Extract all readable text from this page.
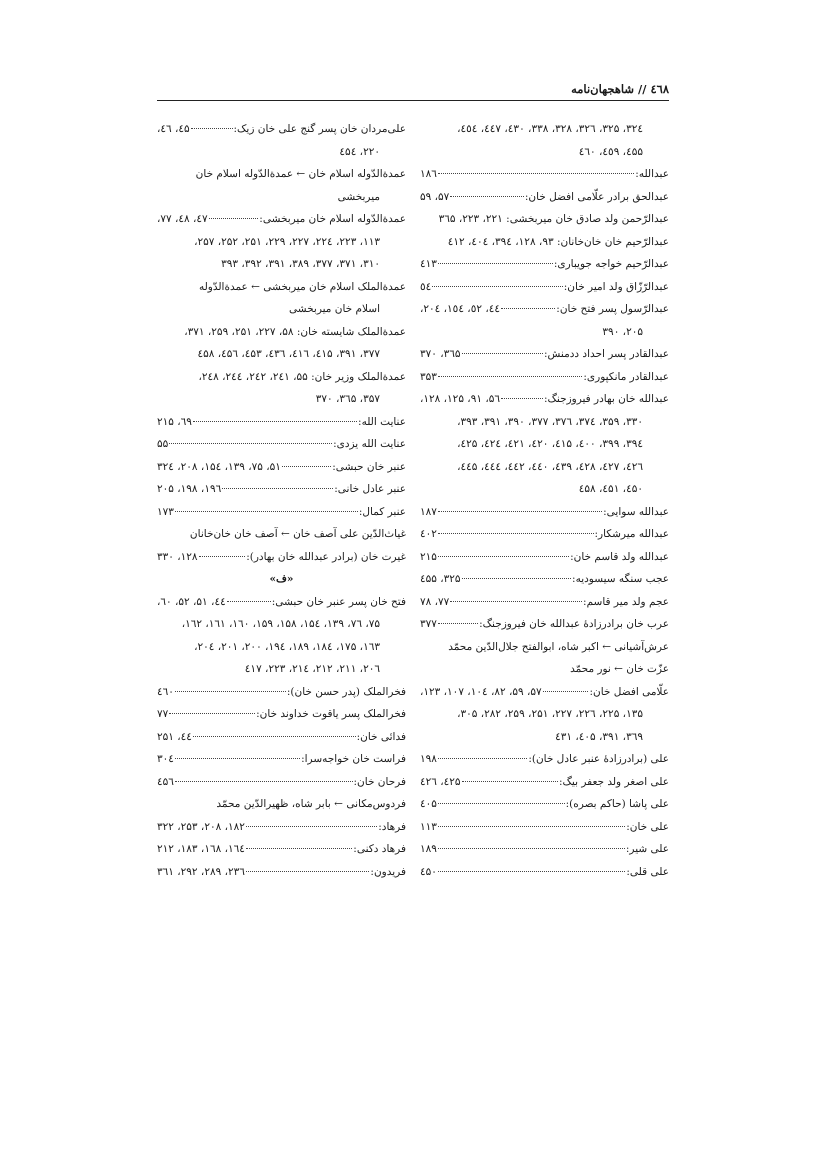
٤٦٨ // شاهجهان‌نامه
۳۲٤، ۳۲۵، ۳۲٦، ۳۲۸، ۳۳۸، ٤۳۰، ٤٤۷، ٤٥٤،
٤۵۵، ٤٥۹، ٤٦۰
عبدالله:
۱۸٦
عبدالحق برادر علّامی افضل خان:
۵۷، ۵۹
عبدالرّحمن ولد صادق خان میربخشی: ۲۲۱، ۲۲۳، ۳٦۵
عبدالرّحیم خان خان‌خانان: ۹۳، ۱۲۸، ۳۹٤، ٤٠٤، ٤۱۲
عبدالرّحیم خواجه جویباری:
٤۱۳
عبدالرّزّاق ولد امیر خان:
٥٤
عبدالرّسول پسر فتح خان:
٤٤، ٥۲، ١٥٤، ۲۰٤،
۲۰۵، ۳۹۰
عبدالقادر پسر احداد ددمنش:
۳٦۵، ۳۷۰
عبدالقادر مانکپوری:
۳۵۳
عبدالله خان بهادر فیروزجنگ:
۵٦، ۹۱، ۱۲۵، ۱۲۸،
۳۳۰، ۳۵۹، ۳۷٤، ۳۷٦، ۳۷۷، ۳۹۰، ۳۹۱، ۳۹۳،
۳۹٤، ۳۹۹، ٤۰۰، ٤۱۵، ٤۲۰، ٤۲۱، ٤۲٤، ٤۲۵،
٤۲٦، ٤۲۷، ٤۲۸، ٤۳۹، ٤٤۰، ٤٤۲، ٤٤٤، ٤٤۵،
٤۵۰، ٤۵۱، ٤۵۸
عبدالله سوایی:
۱۸۷
عبدالله میرشکار:
٤۰۲
عبدالله ولد قاسم خان:
۲۱۵
عجب سنگه سیسودیه:
۳۲۵، ٤۵۵
عجم ولد میر قاسم:
۷۷، ۷۸
عرب خان برادرزادهٔ عبدالله خان فیروزجنگ:
۳۷۷
عرش‌آشیانی ← اکبر شاه، ابوالفتح جلال‌الدّین محمّد
عزّت خان ← نور محمّد
علّامی افضل خان:
۵۷، ۵۹، ۸۲، ۱۰٤، ۱۰۷، ۱۲۳،
۱۳۵، ۲۲۵، ۲۲٦، ۲۲۷، ۲۵۱، ۲۵۹، ۲۸۲، ۳۰۵،
۳٦۹، ۳۹۱، ٤۰۵، ٤۳۱
علی (برادرزادهٔ عنبر عادل خان):
۱۹۸
علی اصغر ولد جعفر بیگ:
٤۲۵، ٤۲٦
علی پاشا (حاکم بصره):
٤۰۵
علی خان:
۱۱۳
علی شیر:
۱۸۹
علی قلی:
٤۵۰
علی‌مردان خان پسر گنج علی خان زیک:
٤۵، ٤٦،
۲۲۰، ٤۵٤
عمدةالدّوله اسلام خان ← عمدةالدّوله اسلام خان
میربخشی
عمدةالدّوله اسلام خان میربخشی:
٤۷، ٤۸، ۷۷،
۱۱۳، ۲۲۳، ۲۲٤، ۲۲۷، ۲۲۹، ۲۵۱، ۲۵۲، ۲۵۷،
۳۱۰، ۳۷۱، ۳۷۷، ۳۸۹، ۳۹۱، ۳۹۲، ۳۹۳
عمدةالملک اسلام خان میربخشی ← عمدةالدّوله
اسلام خان میربخشی
عمدةالملک شایسته خان: ۵۸، ۲۲۷، ۲۵۱، ۲۵۹، ۳۷۱،
۳۷۷، ۳۹۱، ٤۱۵، ٤۱٦، ٤۳٦، ٤۵۳، ٤۵٦، ٤۵۸
عمدةالملک وزیر خان: ۵۵، ۲٤۱، ۲٤۲، ۲٤٤، ۲٤۸،
۳۵۷، ۳٦۵، ۳۷۰
عنایت الله:
٦۹، ۲۱۵
عنایت الله یزدی:
۵۵
عنبر خان حبشی:
۵۱، ۷۵، ۱۳۹، ۱۵٤، ۲۰۸، ۳۲٤
عنبر عادل خانی:
۱۹٦، ۱۹۸، ۲۰۵
عنبر کمال:
۱۷۳
غیاث‌الدّین علی آصف خان ← آصف خان خان‌خانان
غیرت خان (برادر عبدالله خان بهادر):
۱۲۸، ۳۳۰
«ف»
فتح خان پسر عنبر خان حبشی:
٤٤، ۵۱، ۵۲، ٦۰،
۷۵، ۷٦، ۱۳۹، ۱۵٤، ۱۵۸، ۱۵۹، ۱٦۰، ۱٦۱، ۱٦۲،
۱٦۳، ۱۷۵، ۱۸٤، ۱۸۹، ۱۹٤، ۲۰۰، ۲۰۱، ۲۰٤،
۲۰٦، ۲۱۱، ۲۱۲، ۲۱٤، ۲۲۳، ٤۱۷
فخرالملک (پدر حسن خان):
٤٦۰
فخرالملک پسر یاقوت خداوند خان:
۷۷
فدائی خان:
٤٤، ۲۵۱
فراست خان خواجه‌سرا:
۳۰٤
فرحان خان:
٤۵٦
فردوس‌مکانی ← بابر شاه، ظهیرالدّین محمّد
فرهاد:
۱۸۲، ۲۰۸، ۲۵۳، ۳۲۲
فرهاد دکنی:
۱٦٤، ۱٦۸، ۱۸۳، ۲۱۲
فریدون:
۲۳٦، ۲۸۹، ۲۹۲، ۳٦۱
